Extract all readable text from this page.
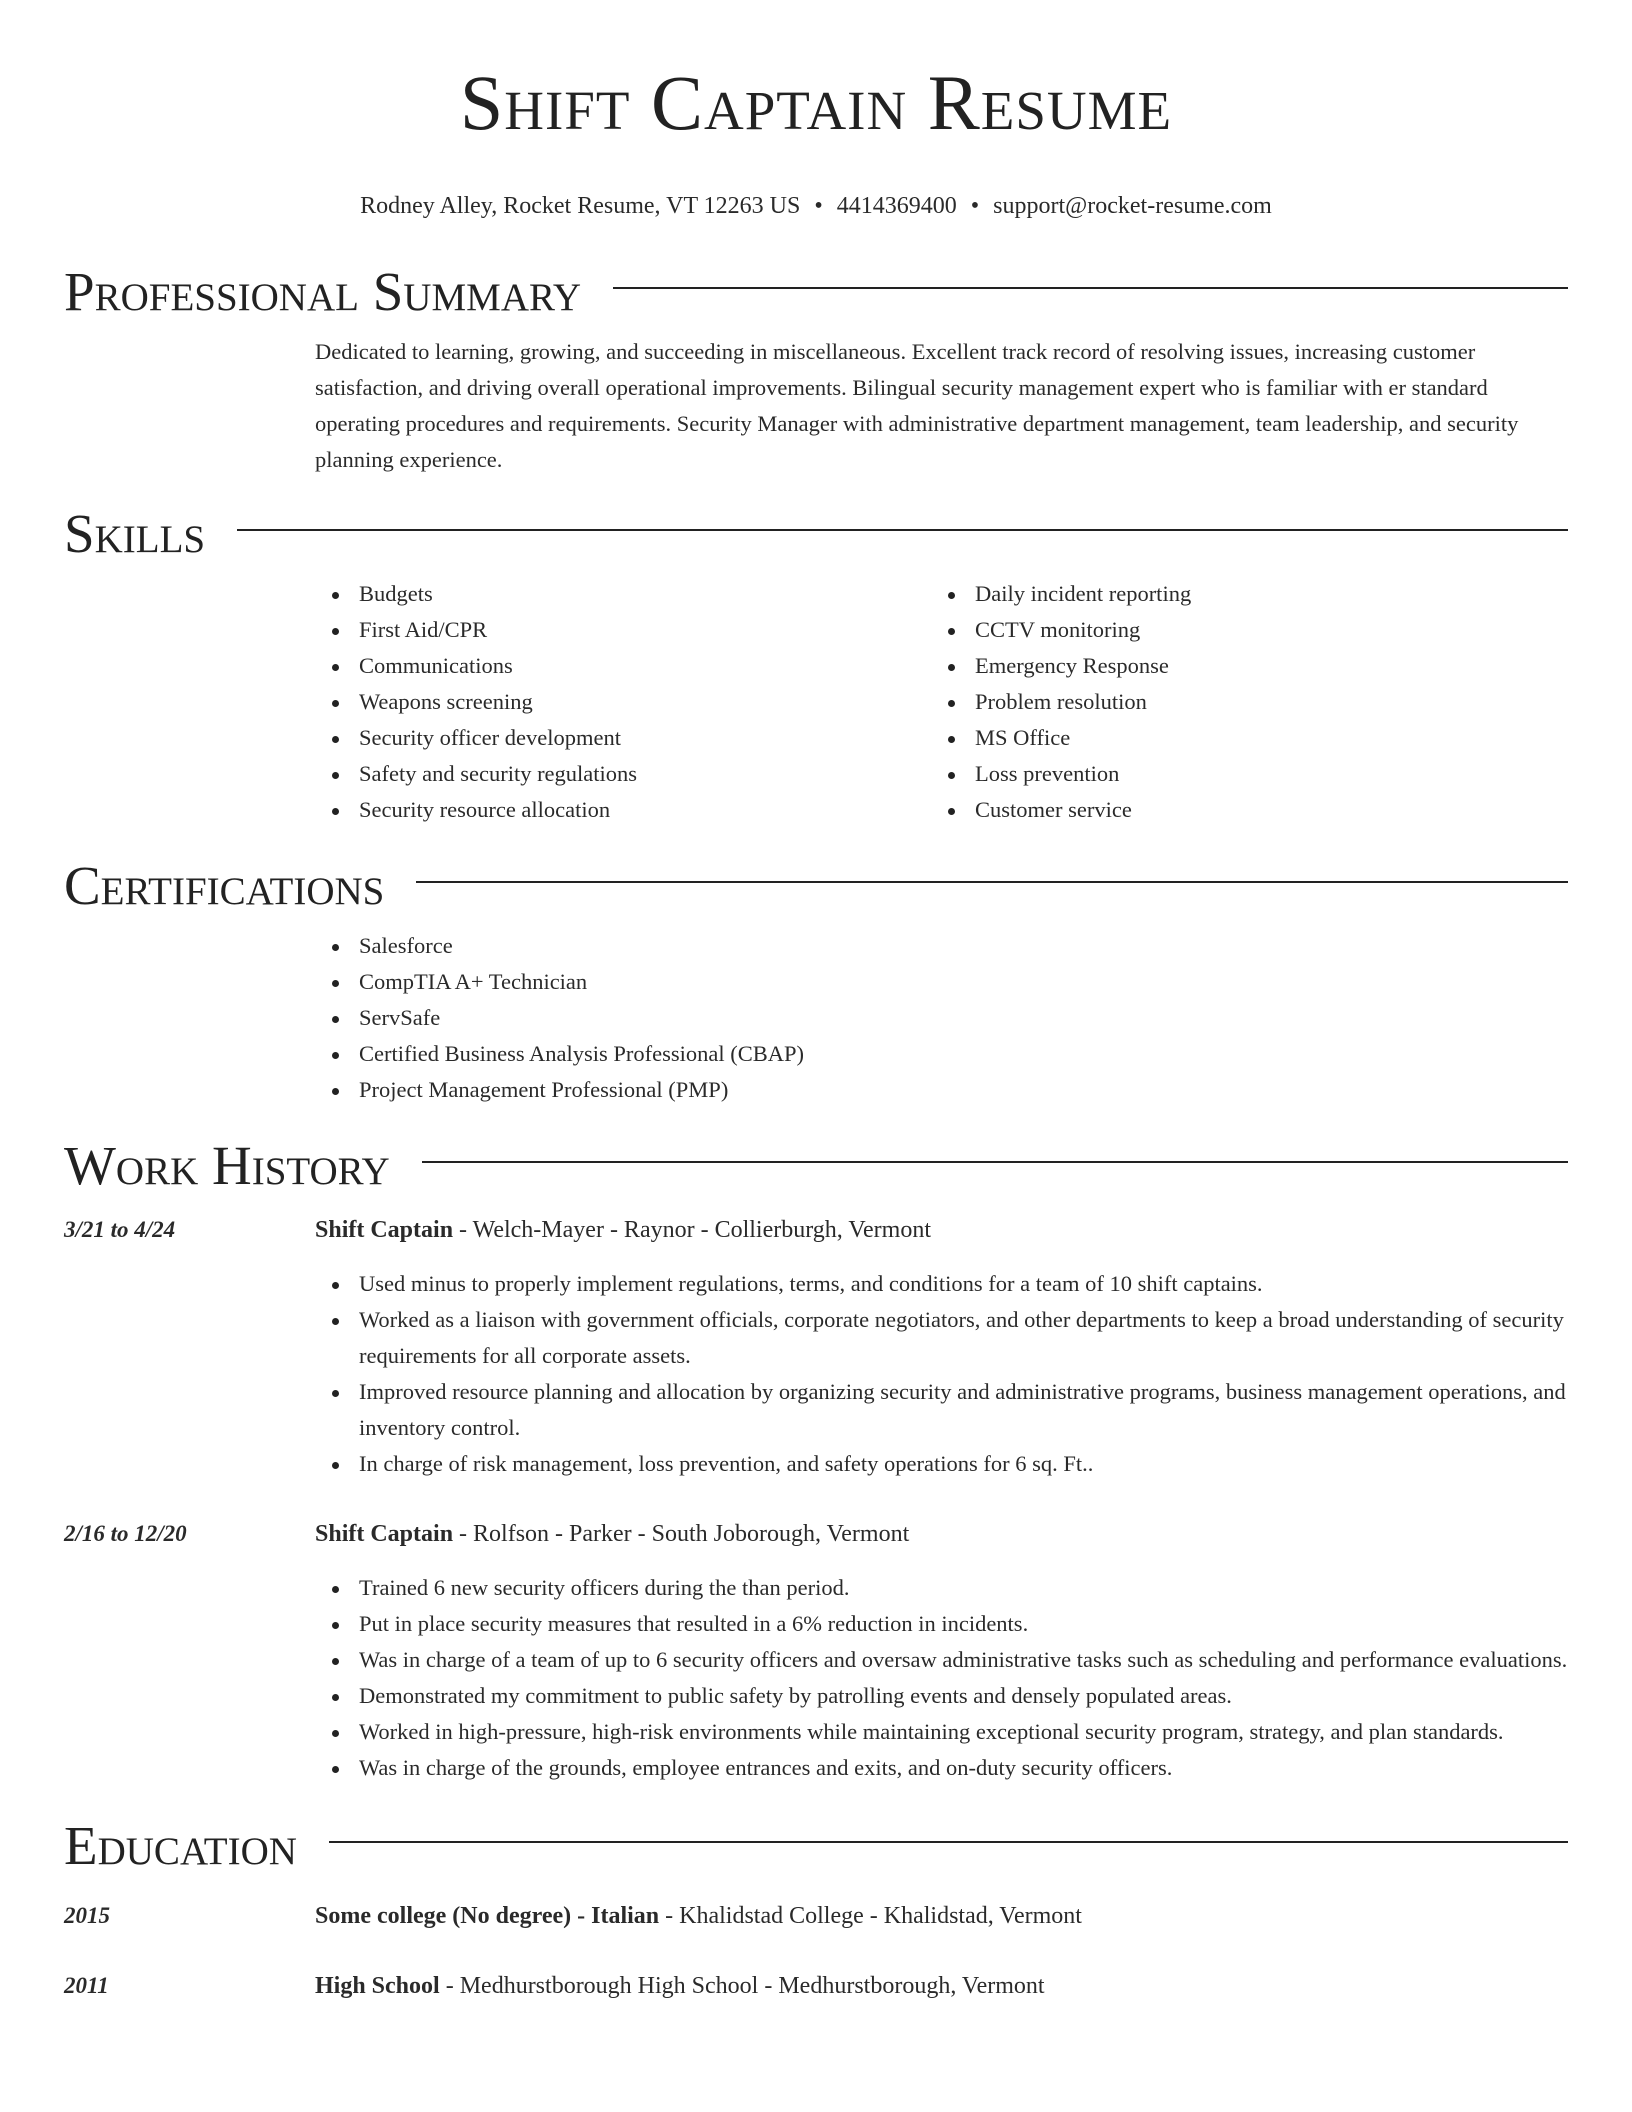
Shift Captain Resume
Rodney Alley, Rocket Resume, VT 12263 US • 4414369400 • support@rocket-resume.com
Professional Summary
Dedicated to learning, growing, and succeeding in miscellaneous. Excellent track record of resolving issues, increasing customer satisfaction, and driving overall operational improvements. Bilingual security management expert who is familiar with er standard operating procedures and requirements. Security Manager with administrative department management, team leadership, and security planning experience.
Skills
Budgets
First Aid/CPR
Communications
Weapons screening
Security officer development
Safety and security regulations
Security resource allocation
Daily incident reporting
CCTV monitoring
Emergency Response
Problem resolution
MS Office
Loss prevention
Customer service
Certifications
Salesforce
CompTIA A+ Technician
ServSafe
Certified Business Analysis Professional (CBAP)
Project Management Professional (PMP)
Work History
3/21 to 4/24	Shift Captain - Welch-Mayer - Raynor - Collierburgh, Vermont
Used minus to properly implement regulations, terms, and conditions for a team of 10 shift captains.
Worked as a liaison with government officials, corporate negotiators, and other departments to keep a broad understanding of security requirements for all corporate assets.
Improved resource planning and allocation by organizing security and administrative programs, business management operations, and inventory control.
In charge of risk management, loss prevention, and safety operations for 6 sq. Ft..
2/16 to 12/20	Shift Captain - Rolfson - Parker - South Joborough, Vermont
Trained 6 new security officers during the than period.
Put in place security measures that resulted in a 6% reduction in incidents.
Was in charge of a team of up to 6 security officers and oversaw administrative tasks such as scheduling and performance evaluations.
Demonstrated my commitment to public safety by patrolling events and densely populated areas.
Worked in high-pressure, high-risk environments while maintaining exceptional security program, strategy, and plan standards.
Was in charge of the grounds, employee entrances and exits, and on-duty security officers.
Education
2015	Some college (No degree) - Italian - Khalidstad College - Khalidstad, Vermont
2011	High School - Medhurstborough High School - Medhurstborough, Vermont
